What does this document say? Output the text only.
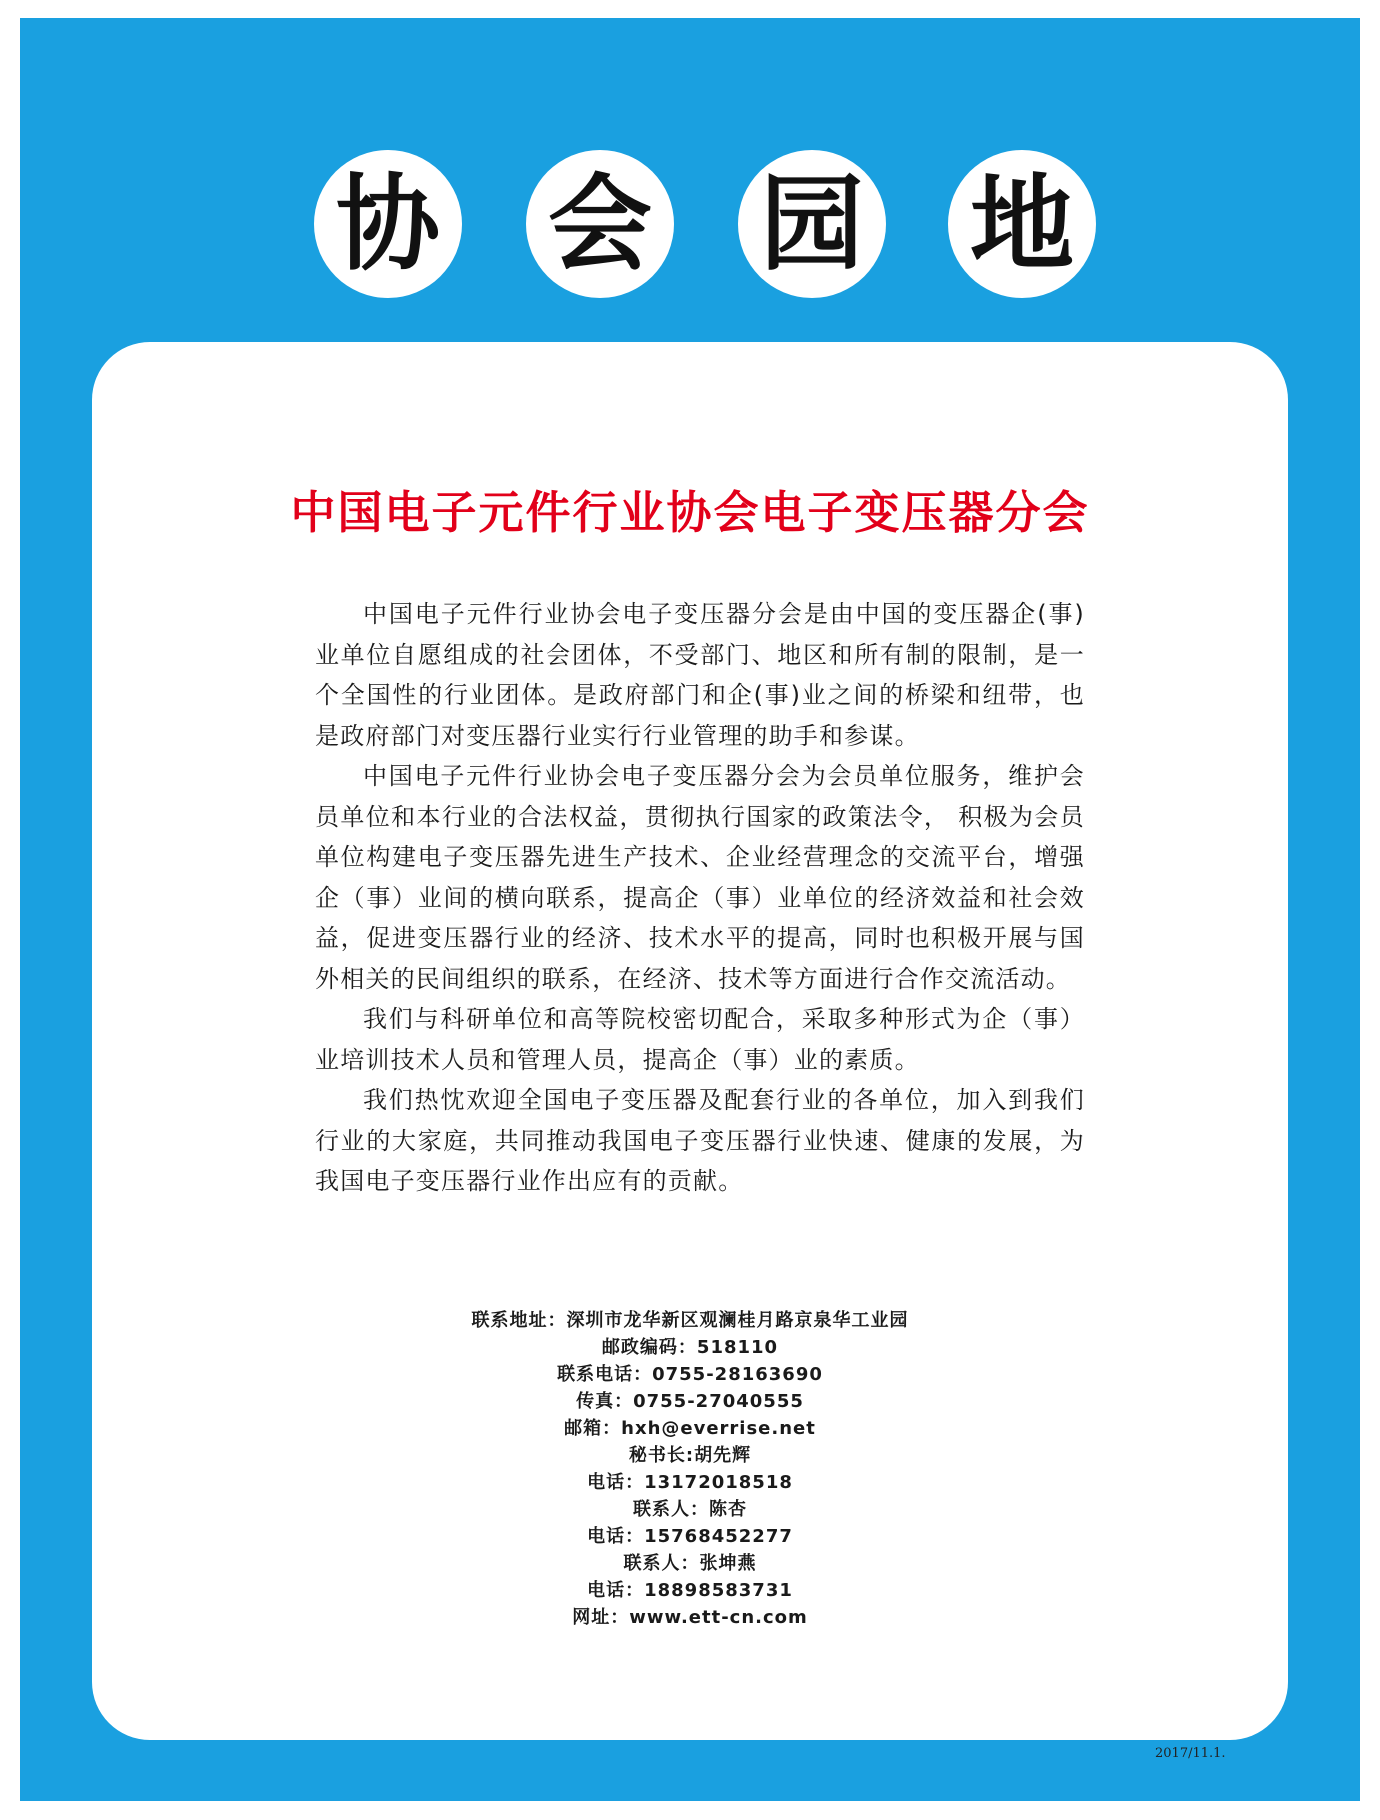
协 会 园 地
中国电子元件行业协会电子变压器分会

中国电子元件行业协会电子变压器分会是由中国的变压器企(事)业单位自愿组成的社会团体，不受部门、地区和所有制的限制，是一个全国性的行业团体。是政府部门和企(事)业之间的桥梁和纽带，也是政府部门对变压器行业实行行业管理的助手和参谋。

中国电子元件行业协会电子变压器分会为会员单位服务，维护会员单位和本行业的合法权益，贯彻执行国家的政策法令， 积极为会员单位构建电子变压器先进生产技术、企业经营理念的交流平台，增强企（事）业间的横向联系，提高企（事）业单位的经济效益和社会效益，促进变压器行业的经济、技术水平的提高，同时也积极开展与国外相关的民间组织的联系，在经济、技术等方面进行合作交流活动。

我们与科研单位和高等院校密切配合，采取多种形式为企（事）业培训技术人员和管理人员，提高企（事）业的素质。

我们热忱欢迎全国电子变压器及配套行业的各单位，加入到我们行业的大家庭，共同推动我国电子变压器行业快速、健康的发展，为我国电子变压器行业作出应有的贡献。

联系地址：深圳市龙华新区观澜桂月路京泉华工业园
邮政编码：518110
联系电话：0755-28163690
传真：0755-27040555
邮箱：hxh@everrise.net
秘书长:胡先辉
电话：13172018518
联系人：陈杏
电话：15768452277
联系人：张坤燕
电话：18898583731
网址：www.ett-cn.com
2017/11.1.
